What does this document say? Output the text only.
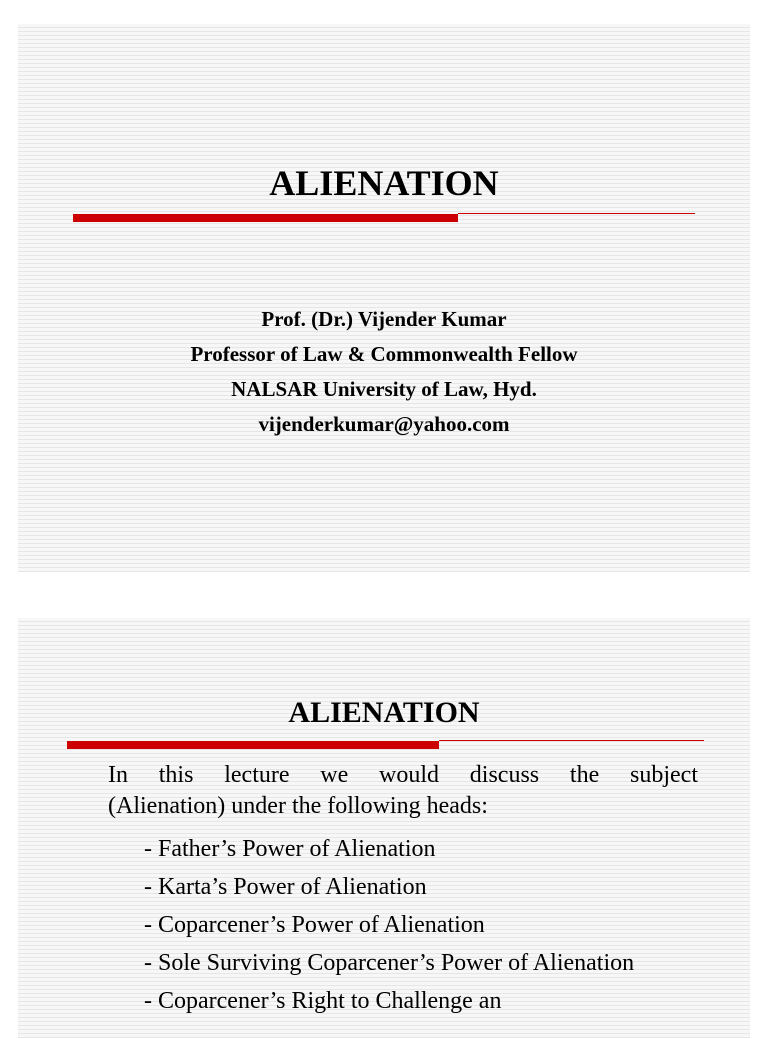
ALIENATION
Prof. (Dr.) Vijender Kumar
Professor of Law & Commonwealth Fellow
NALSAR University of Law, Hyd.
vijenderkumar@yahoo.com
ALIENATION
In this lecture we would discuss the subject
(Alienation) under the following heads:
- Father’s Power of Alienation
- Karta’s Power of Alienation
- Coparcener’s Power of Alienation
- Sole Surviving Coparcener’s Power of Alienation
- Coparcener’s Right to Challenge an
